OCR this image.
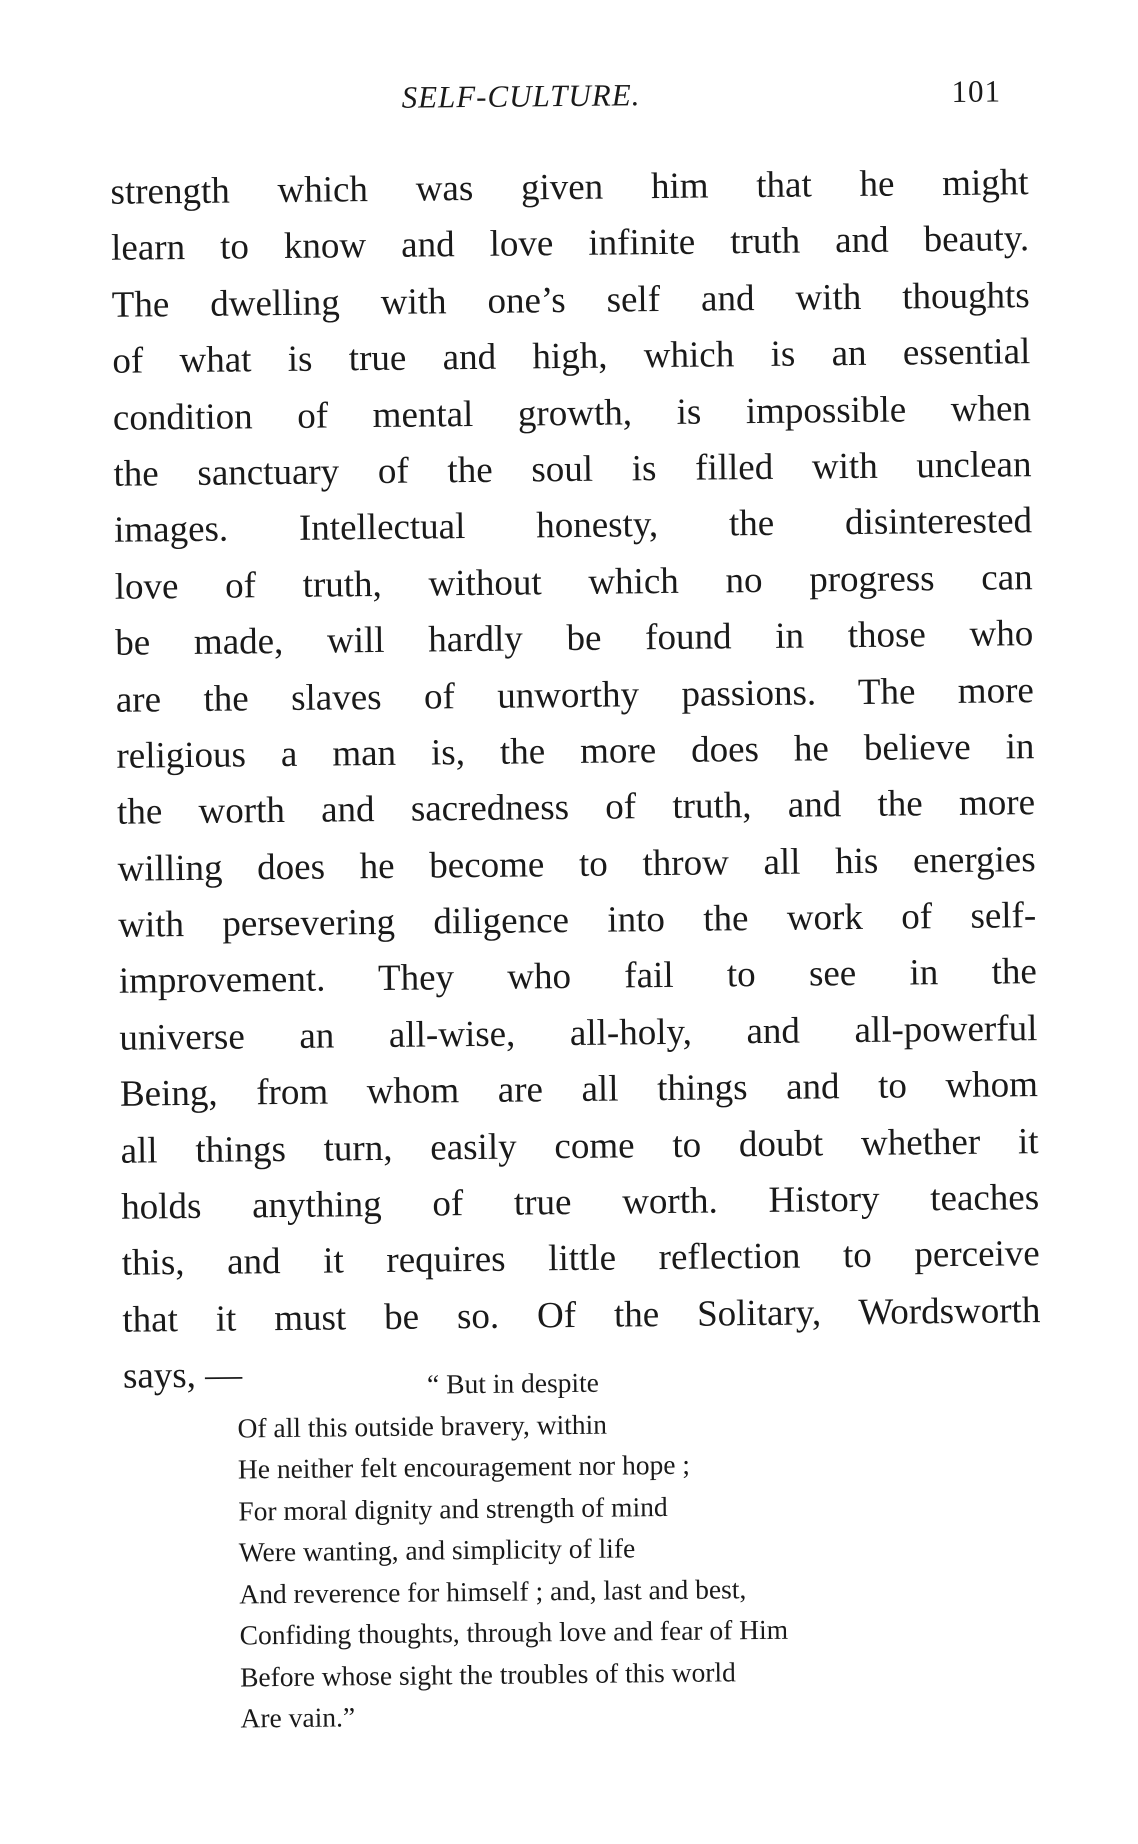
SELF-CULTURE.	101
strength which was given him that he might
learn to know and love infinite truth and beauty.
The dwelling with one’s self and with thoughts
of what is true and high, which is an essential
condition of mental growth, is impossible when
the sanctuary of the soul is filled with unclean
images. Intellectual honesty, the disinterested
love of truth, without which no progress can
be made, will hardly be found in those who
are the slaves of unworthy passions. The more
religious a man is, the more does he believe in
the worth and sacredness of truth, and the more
willing does he become to throw all his energies
with persevering diligence into the work of self-
improvement. They who fail to see in the
universe an all-wise, all-holy, and all-powerful
Being, from whom are all things and to whom
all things turn, easily come to doubt whether it
holds anything of true worth. History teaches
this, and it requires little reflection to perceive
that it must be so. Of the Solitary, Wordsworth
says, —	“ But in despite
Of all this outside bravery, within
He neither felt encouragement nor hope ;
For moral dignity and strength of mind
Were wanting, and simplicity of life
And reverence for himself ; and, last and best,
Confiding thoughts, through love and fear of Him
Before whose sight the troubles of this world
Are vain.”
